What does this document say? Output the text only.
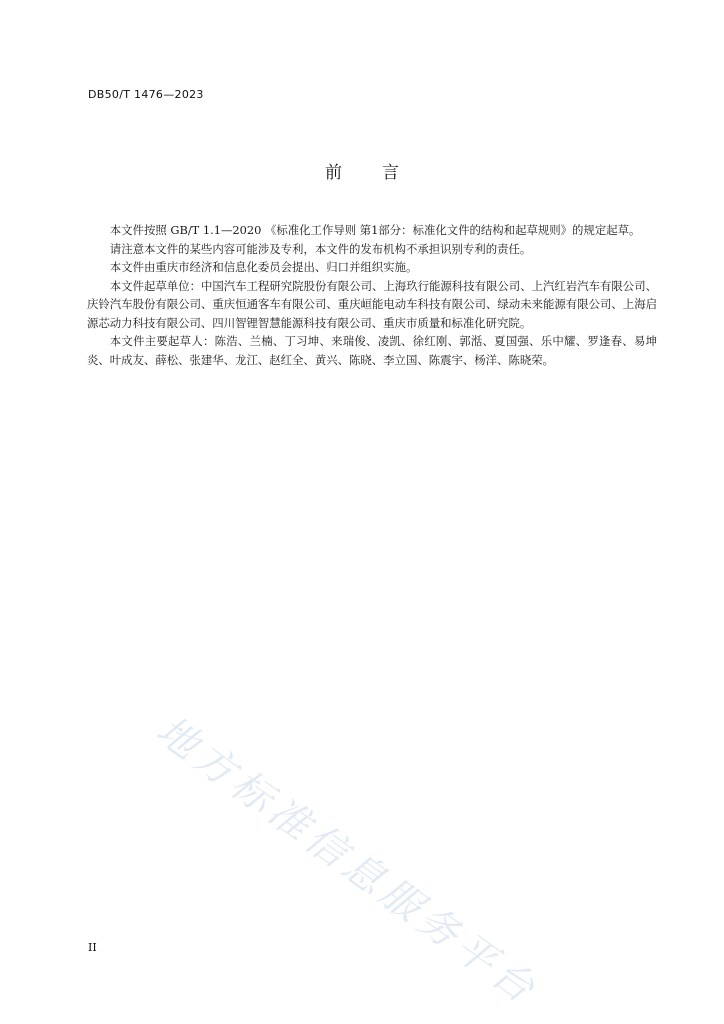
DB50/T 1476—2023
前言

本文件按照 GB/T 1.1—2020 《标准化工作导则 第1部分：标准化文件的结构和起草规则》的规定起草。

请注意本文件的某些内容可能涉及专利，本文件的发布机构不承担识别专利的责任。

本文件由重庆市经济和信息化委员会提出、归口并组织实施。

本文件起草单位：中国汽车工程研究院股份有限公司、上海玖行能源科技有限公司、上汽红岩汽车有限公司、庆铃汽车股份有限公司、重庆恒通客车有限公司、重庆峘能电动车科技有限公司、绿动未来能源有限公司、上海启源芯动力科技有限公司、四川智锂智慧能源科技有限公司、重庆市质量和标准化研究院。

本文件主要起草人：陈浩、兰楠、丁习坤、来瑞俊、凌凯、徐红刚、郭湉、夏国强、乐中耀、罗逢春、易坤炎、叶成友、薛松、张建华、龙江、赵红全、黄兴、陈晓、李立国、陈震宇、杨洋、陈晓荣。

地方标准信息服务平台
II
